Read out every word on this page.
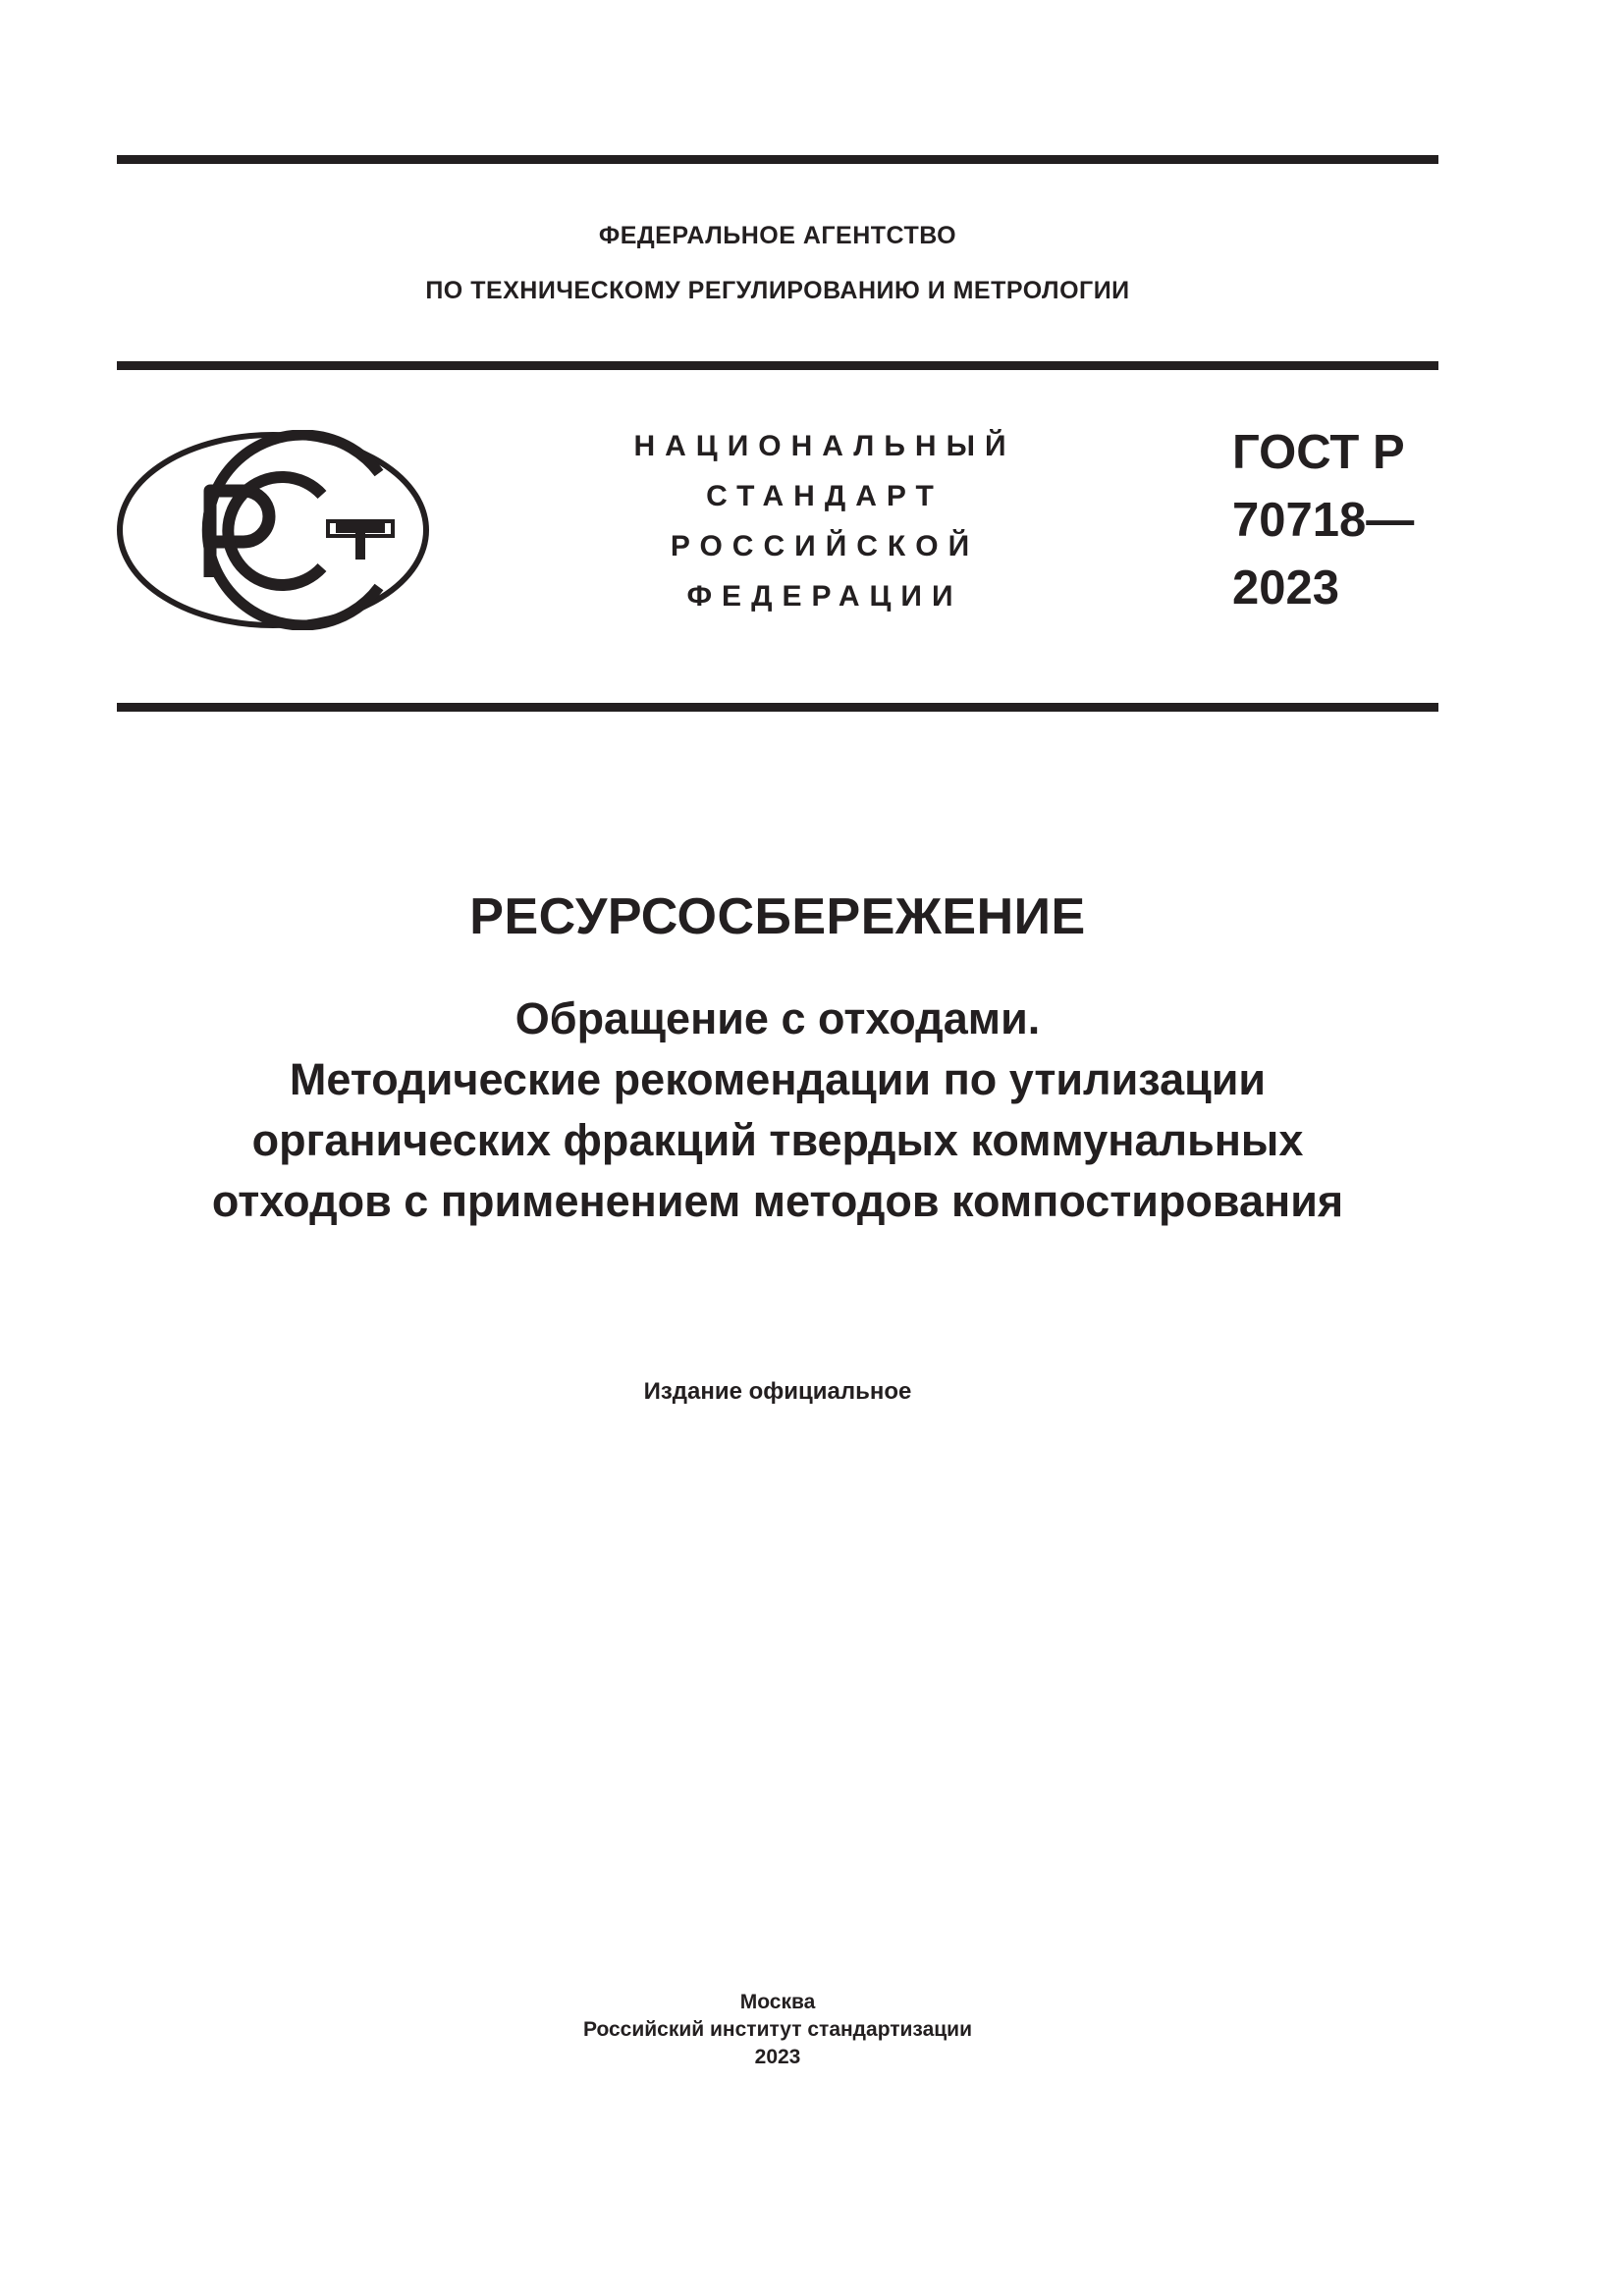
ФЕДЕРАЛЬНОЕ АГЕНТСТВО
ПО ТЕХНИЧЕСКОМУ РЕГУЛИРОВАНИЮ И МЕТРОЛОГИИ
НАЦИОНАЛЬНЫЙ
СТАНДАРТ
РОССИЙСКОЙ
ФЕДЕРАЦИИ
ГОСТ Р
70718—
2023
РЕСУРСОСБЕРЕЖЕНИЕ
Обращение с отходами.
Методические рекомендации по утилизации
органических фракций твердых коммунальных
отходов с применением методов компостирования
Издание официальное
Москва
Российский институт стандартизации
2023
